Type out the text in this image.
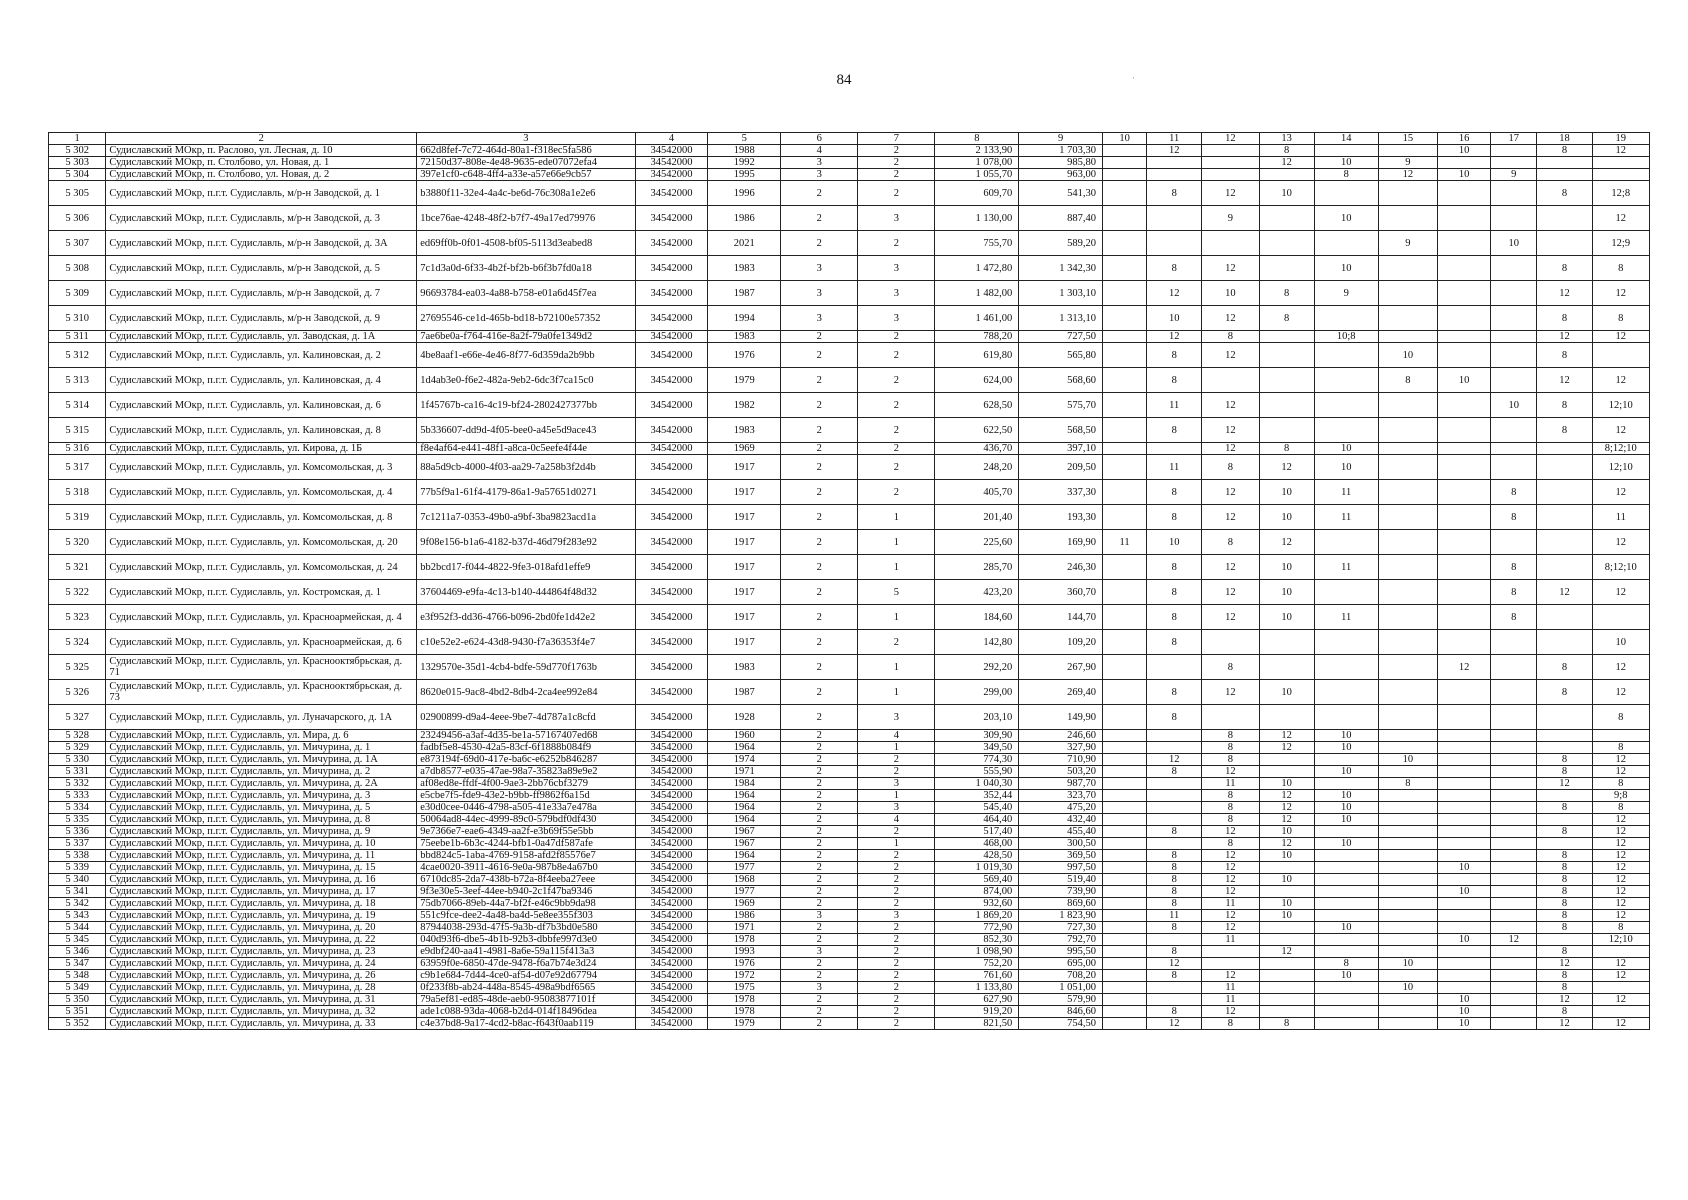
84	·
1	2	3	4	5	6	7	8	9	10	11	12	13	14	15	16	17	18	19
5 302	Судиславский МОкр, п. Раслово, ул. Лесная, д. 10	662d8fef-7c72-464d-80a1-f318ec5fa586	34542000	1988	4	2	2 133,90	1 703,30		12		8			10		8	12
5 303	Судиславский МОкр, п. Столбово, ул. Новая, д. 1	72150d37-808e-4e48-9635-ede07072efa4	34542000	1992	3	2	1 078,00	985,80				12	10	9				
5 304	Судиславский МОкр, п. Столбово, ул. Новая, д. 2	397e1cf0-c648-4ff4-a33e-a57e66e9cb57	34542000	1995	3	2	1 055,70	963,00					8	12	10	9		
5 305	Судиславский МОкр, п.г.т. Судиславль, м/р-н Заводской, д. 1	b3880f11-32e4-4a4c-be6d-76c308a1e2e6	34542000	1996	2	2	609,70	541,30		8	12	10					8	12;8
5 306	Судиславский МОкр, п.г.т. Судиславль, м/р-н Заводской, д. 3	1bce76ae-4248-48f2-b7f7-49a17ed79976	34542000	1986	2	3	1 130,00	887,40			9		10					12
5 307	Судиславский МОкр, п.г.т. Судиславль, м/р-н Заводской, д. 3А	ed69ff0b-0f01-4508-bf05-5113d3eabed8	34542000	2021	2	2	755,70	589,20						9		10		12;9
5 308	Судиславский МОкр, п.г.т. Судиславль, м/р-н Заводской, д. 5	7c1d3a0d-6f33-4b2f-bf2b-b6f3b7fd0a18	34542000	1983	3	3	1 472,80	1 342,30		8	12		10				8	8
5 309	Судиславский МОкр, п.г.т. Судиславль, м/р-н Заводской, д. 7	96693784-ea03-4a88-b758-e01a6d45f7ea	34542000	1987	3	3	1 482,00	1 303,10		12	10	8	9				12	12
5 310	Судиславский МОкр, п.г.т. Судиславль, м/р-н Заводской, д. 9	27695546-ce1d-465b-bd18-b72100e57352	34542000	1994	3	3	1 461,00	1 313,10		10	12	8					8	8
5 311	Судиславский МОкр, п.г.т. Судиславль, ул. Заводская, д. 1А	7ae6be0a-f764-416e-8a2f-79a0fe1349d2	34542000	1983	2	2	788,20	727,50		12	8		10;8				12	12
5 312	Судиславский МОкр, п.г.т. Судиславль, ул. Калиновская, д. 2	4be8aaf1-e66e-4e46-8f77-6d359da2b9bb	34542000	1976	2	2	619,80	565,80		8	12			10			8	
5 313	Судиславский МОкр, п.г.т. Судиславль, ул. Калиновская, д. 4	1d4ab3e0-f6e2-482a-9eb2-6dc3f7ca15c0	34542000	1979	2	2	624,00	568,60		8				8	10		12	12
5 314	Судиславский МОкр, п.г.т. Судиславль, ул. Калиновская, д. 6	1f45767b-ca16-4c19-bf24-2802427377bb	34542000	1982	2	2	628,50	575,70		11	12					10	8	12;10
5 315	Судиславский МОкр, п.г.т. Судиславль, ул. Калиновская, д. 8	5b336607-dd9d-4f05-bee0-a45e5d9ace43	34542000	1983	2	2	622,50	568,50		8	12						8	12
5 316	Судиславский МОкр, п.г.т. Судиславль, ул. Кирова, д. 1Б	f8e4af64-e441-48f1-a8ca-0c5eefe4f44e	34542000	1969	2	2	436,70	397,10			12	8	10					8;12;10
5 317	Судиславский МОкр, п.г.т. Судиславль, ул. Комсомольская, д. 3	88a5d9cb-4000-4f03-aa29-7a258b3f2d4b	34542000	1917	2	2	248,20	209,50		11	8	12	10					12;10
5 318	Судиславский МОкр, п.г.т. Судиславль, ул. Комсомольская, д. 4	77b5f9a1-61f4-4179-86a1-9a57651d0271	34542000	1917	2	2	405,70	337,30		8	12	10	11			8		12
5 319	Судиславский МОкр, п.г.т. Судиславль, ул. Комсомольская, д. 8	7c1211a7-0353-49b0-a9bf-3ba9823acd1a	34542000	1917	2	1	201,40	193,30		8	12	10	11			8		11
5 320	Судиславский МОкр, п.г.т. Судиславль, ул. Комсомольская, д. 20	9f08e156-b1a6-4182-b37d-46d79f283e92	34542000	1917	2	1	225,60	169,90	11	10	8	12						12
5 321	Судиславский МОкр, п.г.т. Судиславль, ул. Комсомольская, д. 24	bb2bcd17-f044-4822-9fe3-018afd1effe9	34542000	1917	2	1	285,70	246,30		8	12	10	11			8		8;12;10
5 322	Судиславский МОкр, п.г.т. Судиславль, ул. Костромская, д. 1	37604469-e9fa-4c13-b140-444864f48d32	34542000	1917	2	5	423,20	360,70		8	12	10				8	12	12
5 323	Судиславский МОкр, п.г.т. Судиславль, ул. Красноармейская, д. 4	e3f952f3-dd36-4766-b096-2bd0fe1d42e2	34542000	1917	2	1	184,60	144,70		8	12	10	11			8		
5 324	Судиславский МОкр, п.г.т. Судиславль, ул. Красноармейская, д. 6	c10e52e2-e624-43d8-9430-f7a36353f4e7	34542000	1917	2	2	142,80	109,20		8								10
5 325	Судиславский МОкр, п.г.т. Судиславль, ул. Краснооктябрьская, д. 71	1329570e-35d1-4cb4-bdfe-59d770f1763b	34542000	1983	2	1	292,20	267,90			8				12		8	12
5 326	Судиславский МОкр, п.г.т. Судиславль, ул. Краснооктябрьская, д. 73	8620e015-9ac8-4bd2-8db4-2ca4ee992e84	34542000	1987	2	1	299,00	269,40		8	12	10					8	12
5 327	Судиславский МОкр, п.г.т. Судиславль, ул. Луначарского, д. 1А	02900899-d9a4-4eee-9be7-4d787a1c8cfd	34542000	1928	2	3	203,10	149,90		8								8
5 328	Судиславский МОкр, п.г.т. Судиславль, ул. Мира, д. 6	23249456-a3af-4d35-be1a-57167407ed68	34542000	1960	2	4	309,90	246,60			8	12	10					
5 329	Судиславский МОкр, п.г.т. Судиславль, ул. Мичурина, д. 1	fadbf5e8-4530-42a5-83cf-6f1888b084f9	34542000	1964	2	1	349,50	327,90			8	12	10					8
5 330	Судиславский МОкр, п.г.т. Судиславль, ул. Мичурина, д. 1А	e873194f-69d0-417e-ba6c-e6252b846287	34542000	1974	2	2	774,30	710,90		12	8			10			8	12
5 331	Судиславский МОкр, п.г.т. Судиславль, ул. Мичурина, д. 2	a7db8577-e035-47ae-98a7-35823a89e9e2	34542000	1971	2	2	555,90	503,20		8	12		10				8	12
5 332	Судиславский МОкр, п.г.т. Судиславль, ул. Мичурина, д. 2А	af08ed8e-ffdf-4f00-9ae3-2bb76cbf3279	34542000	1984	2	3	1 040,30	987,70			11	10		8			12	8
5 333	Судиславский МОкр, п.г.т. Судиславль, ул. Мичурина, д. 3	e5cbe7f5-fde9-43e2-b9bb-ff9862f6a15d	34542000	1964	2	1	352,44	323,70			8	12	10					9;8
5 334	Судиславский МОкр, п.г.т. Судиславль, ул. Мичурина, д. 5	e30d0cee-0446-4798-a505-41e33a7e478a	34542000	1964	2	3	545,40	475,20			8	12	10				8	8
5 335	Судиславский МОкр, п.г.т. Судиславль, ул. Мичурина, д. 8	50064ad8-44ec-4999-89c0-579bdf0df430	34542000	1964	2	4	464,40	432,40			8	12	10					12
5 336	Судиславский МОкр, п.г.т. Судиславль, ул. Мичурина, д. 9	9e7366e7-eae6-4349-aa2f-e3b69f55e5bb	34542000	1967	2	2	517,40	455,40		8	12	10					8	12
5 337	Судиславский МОкр, п.г.т. Судиславль, ул. Мичурина, д. 10	75eebe1b-6b3c-4244-bfb1-0a47df587afe	34542000	1967	2	1	468,00	300,50			8	12	10					12
5 338	Судиславский МОкр, п.г.т. Судиславль, ул. Мичурина, д. 11	bbd824c5-1aba-4769-9158-afd2f85576e7	34542000	1964	2	2	428,50	369,50		8	12	10					8	12
5 339	Судиславский МОкр, п.г.т. Судиславль, ул. Мичурина, д. 15	4cae0020-3911-4616-9e0a-987b8e4a67b0	34542000	1977	2	2	1 019,30	997,50		8	12				10		8	12
5 340	Судиславский МОкр, п.г.т. Судиславль, ул. Мичурина, д. 16	6710dc85-2da7-438b-b72a-8f4eeba27eee	34542000	1968	2	2	569,40	519,40		8	12	10					8	12
5 341	Судиславский МОкр, п.г.т. Судиславль, ул. Мичурина, д. 17	9f3e30e5-3eef-44ee-b940-2c1f47ba9346	34542000	1977	2	2	874,00	739,90		8	12				10		8	12
5 342	Судиславский МОкр, п.г.т. Судиславль, ул. Мичурина, д. 18	75db7066-89eb-44a7-bf2f-e46c9bb9da98	34542000	1969	2	2	932,60	869,60		8	11	10					8	12
5 343	Судиславский МОкр, п.г.т. Судиславль, ул. Мичурина, д. 19	551c9fce-dee2-4a48-ba4d-5e8ee355f303	34542000	1986	3	3	1 869,20	1 823,90		11	12	10					8	12
5 344	Судиславский МОкр, п.г.т. Судиславль, ул. Мичурина, д. 20	87944038-293d-47f5-9a3b-df7b3bd0e580	34542000	1971	2	2	772,90	727,30		8	12		10				8	8
5 345	Судиславский МОкр, п.г.т. Судиславль, ул. Мичурина, д. 22	040d93f6-dbe5-4b1b-92b3-dbbfe997d3e0	34542000	1978	2	2	852,30	792,70			11				10	12		12;10
5 346	Судиславский МОкр, п.г.т. Судиславль, ул. Мичурина, д. 23	e9dbf240-aa41-4981-8a6e-59a115f413a3	34542000	1993	3	2	1 098,90	995,50		8		12					8	
5 347	Судиславский МОкр, п.г.т. Судиславль, ул. Мичурина, д. 24	63959f0e-6850-47de-9478-f6a7b74e3d24	34542000	1976	2	2	752,20	695,00		12			8	10			12	12
5 348	Судиславский МОкр, п.г.т. Судиславль, ул. Мичурина, д. 26	c9b1e684-7d44-4ce0-af54-d07e92d67794	34542000	1972	2	2	761,60	708,20		8	12		10				8	12
5 349	Судиславский МОкр, п.г.т. Судиславль, ул. Мичурина, д. 28	0f233f8b-ab24-448a-8545-498a9bdf6565	34542000	1975	3	2	1 133,80	1 051,00			11			10			8	
5 350	Судиславский МОкр, п.г.т. Судиславль, ул. Мичурина, д. 31	79a5ef81-ed85-48de-aeb0-95083877101f	34542000	1978	2	2	627,90	579,90			11				10		12	12
5 351	Судиславский МОкр, п.г.т. Судиславль, ул. Мичурина, д. 32	ade1c088-93da-4068-b2d4-014f18496dea	34542000	1978	2	2	919,20	846,60		8	12				10		8	
5 352	Судиславский МОкр, п.г.т. Судиславль, ул. Мичурина, д. 33	c4e37bd8-9a17-4cd2-b8ac-f643f0aab119	34542000	1979	2	2	821,50	754,50		12	8	8			10		12	12
